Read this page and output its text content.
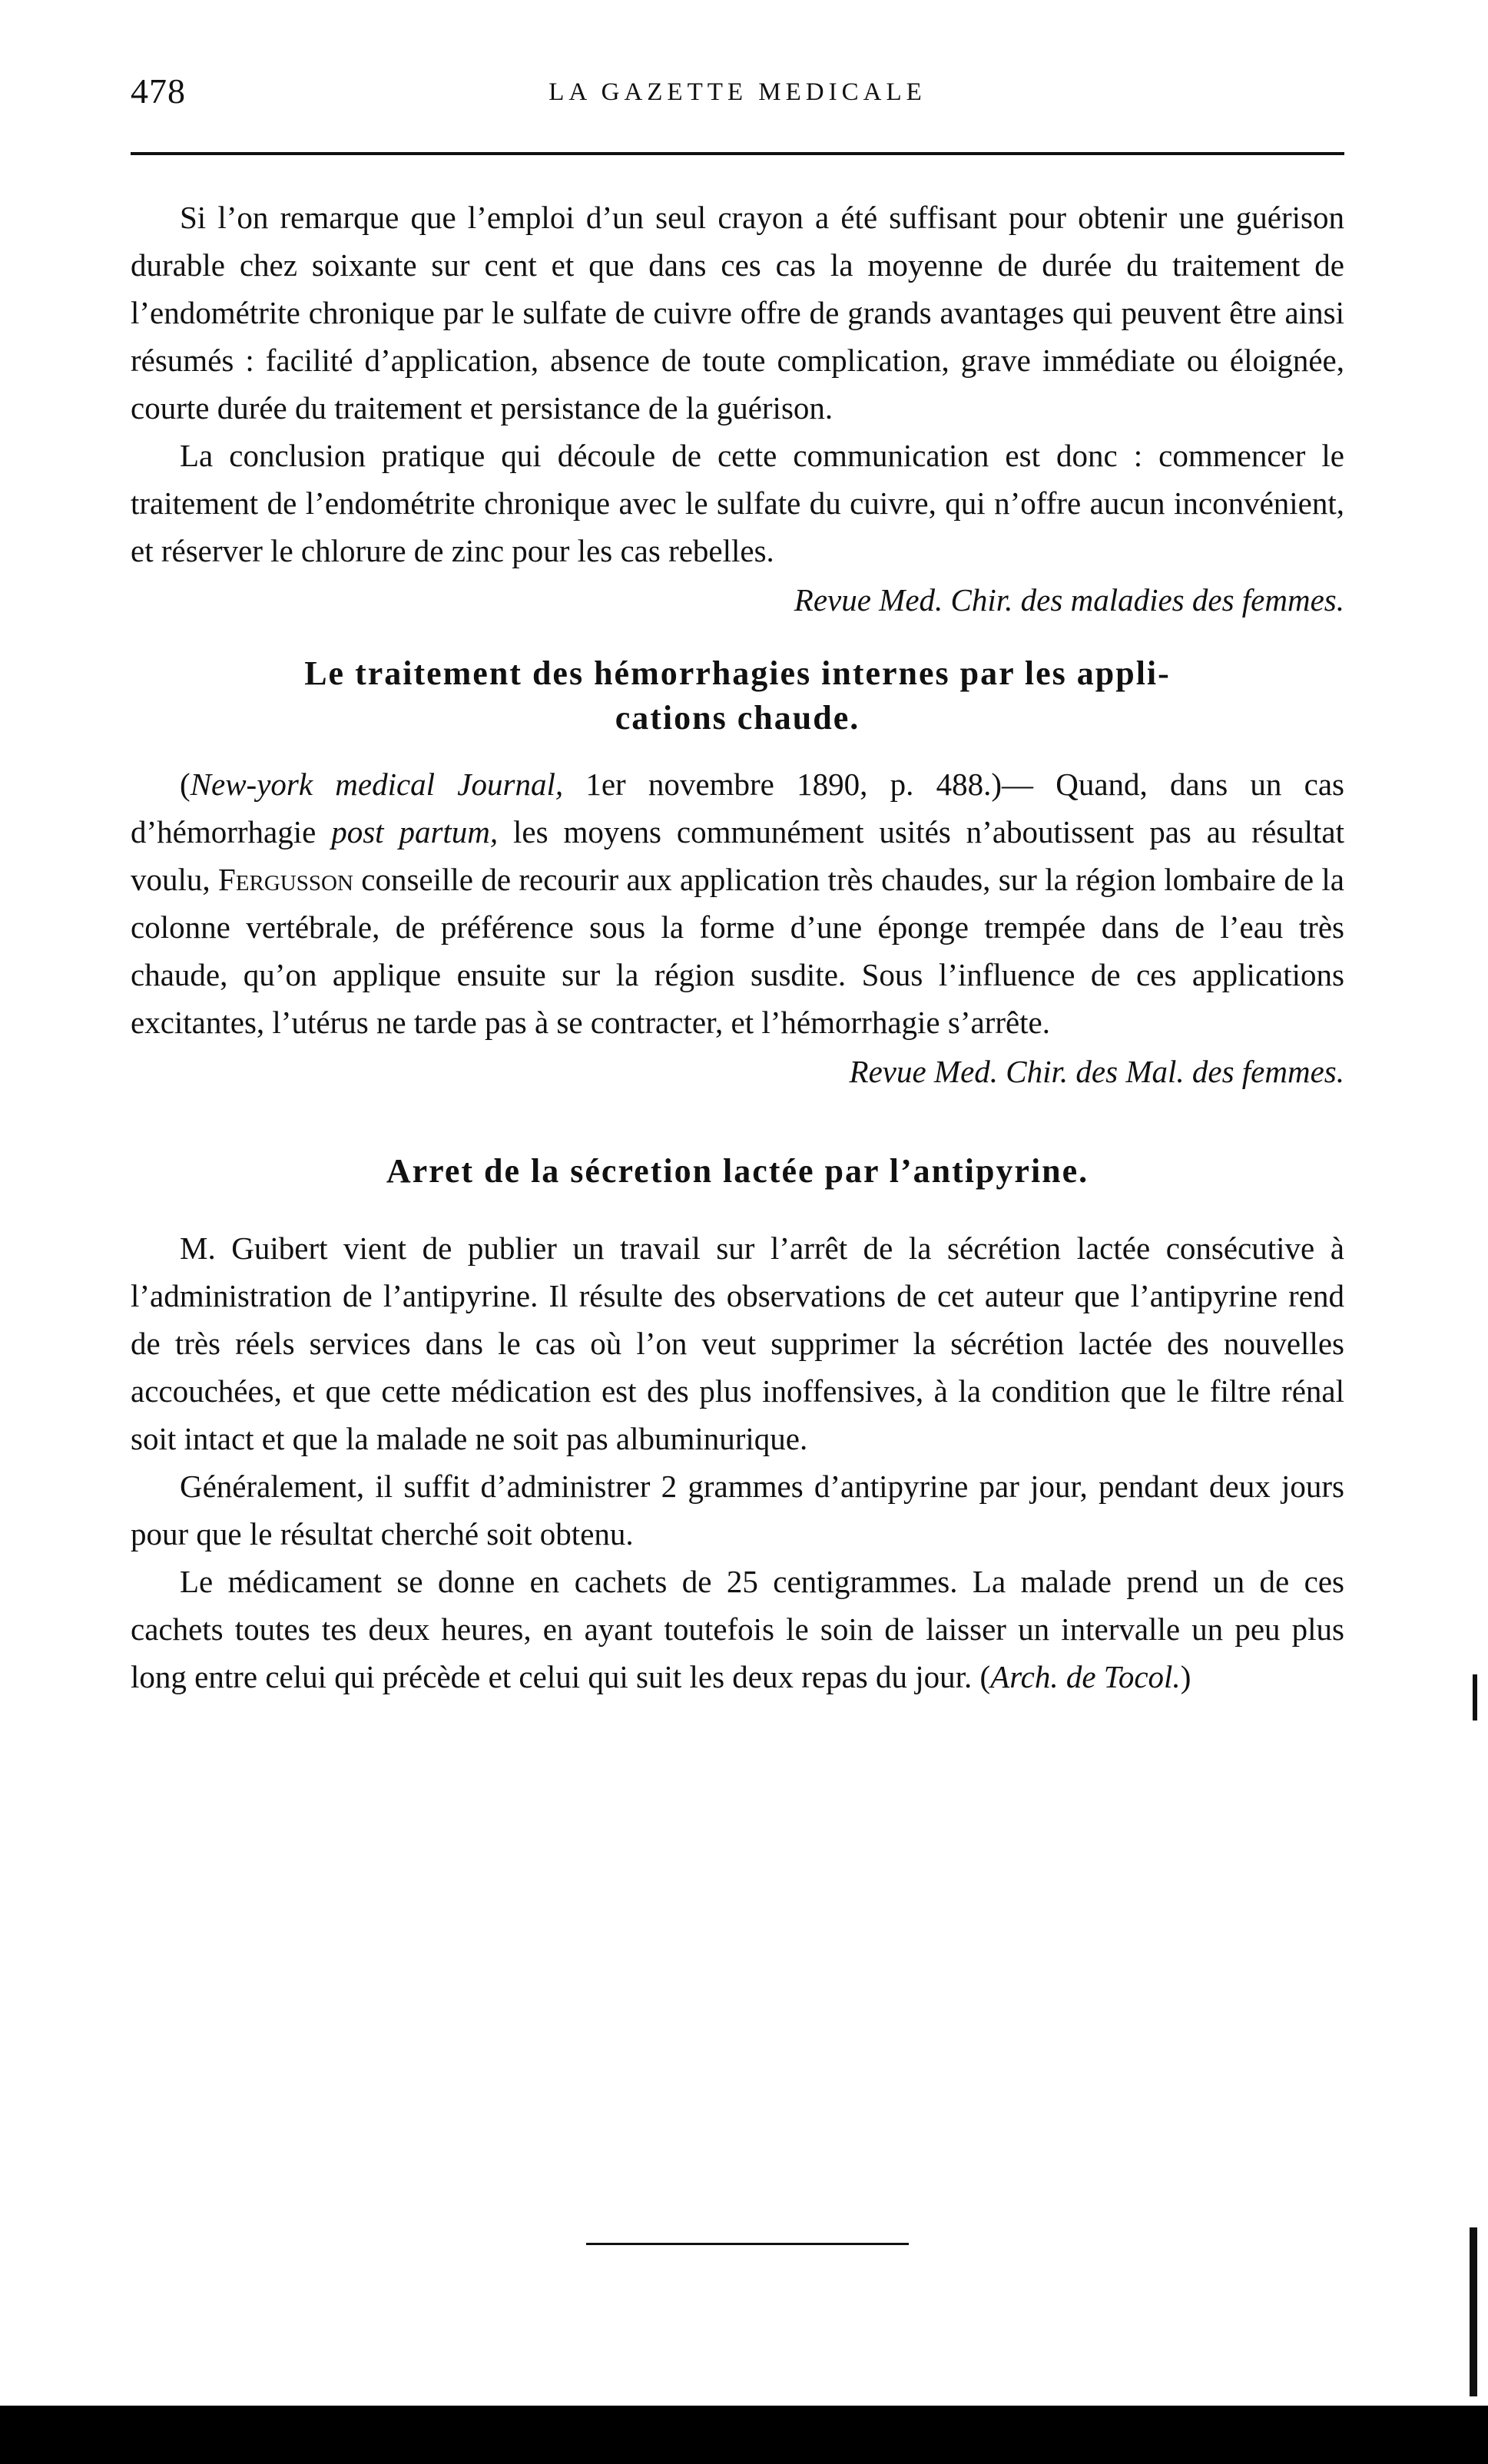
478	LA GAZETTE MEDICALE

Si l’on remarque que l’emploi d’un seul crayon a été suffisant pour obtenir une guérison durable chez soixante sur cent et que dans ces cas la moyenne de durée du traitement de l’endométrite chronique par le sulfate de cuivre offre de grands avantages qui peuvent être ainsi résumés : facilité d’application, absence de toute complication, grave immédiate ou éloignée, courte durée du traitement et persistance de la guérison.

La conclusion pratique qui découle de cette communication est donc : commencer le traitement de l’endométrite chronique avec le sulfate du cuivre, qui n’offre aucun inconvénient, et réserver le chlorure de zinc pour les cas rebelles.

Revue Med. Chir. des maladies des femmes.

Le traitement des hémorrhagies internes par les appli-
cations chaude.

(New-york medical Journal, 1er novembre 1890, p. 488.)— Quand, dans un cas d’hémorrhagie post partum, les moyens communément usités n’aboutissent pas au résultat voulu, Fergusson conseille de recourir aux application très chaudes, sur la région lombaire de la colonne vertébrale, de préférence sous la forme d’une éponge trempée dans de l’eau très chaude, qu’on applique ensuite sur la région susdite. Sous l’influence de ces applications excitantes, l’utérus ne tarde pas à se contracter, et l’hémorrhagie s’arrête.

Revue Med. Chir. des Mal. des femmes.

Arret de la sécretion lactée par l’antipyrine.

M. Guibert vient de publier un travail sur l’arrêt de la sécrétion lactée consécutive à l’administration de l’antipyrine. Il résulte des observations de cet auteur que l’antipyrine rend de très réels services dans le cas où l’on veut supprimer la sécrétion lactée des nouvelles accouchées, et que cette médication est des plus inoffensives, à la condition que le filtre rénal soit intact et que la malade ne soit pas albuminurique.

Généralement, il suffit d’administrer 2 grammes d’antipyrine par jour, pendant deux jours pour que le résultat cherché soit obtenu.

Le médicament se donne en cachets de 25 centigrammes. La malade prend un de ces cachets toutes tes deux heures, en ayant toutefois le soin de laisser un intervalle un peu plus long entre celui qui précède et celui qui suit les deux repas du jour. (Arch. de Tocol.)
